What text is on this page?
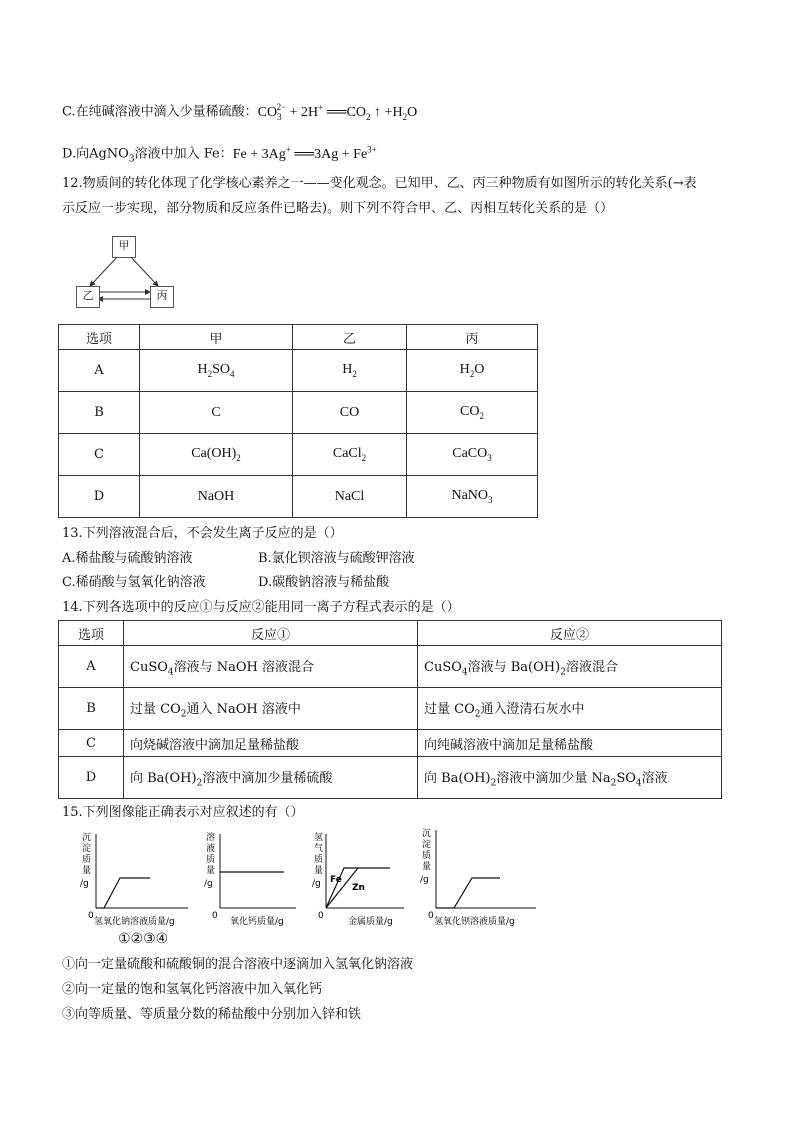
C.在纯碱溶液中滴入少量稀硫酸：$CO_3^{2-} + 2H^+$ $══CO_2$ ↑ $+H_2O$
D.向AgNO$_3$溶液中加入 Fe：Fe + 3Ag+ ══3Ag + $Fe^{3+}$
12.物质间的转化体现了化学核心素养之一——变化观念。已知甲、乙、丙三种物质有如图所示的转化关系(→表
示反应一步实现，部分物质和反应条件已略去)。则下列不符合甲、乙、丙相互转化关系的是（）
甲
乙	丙
选项	甲	乙	丙
A	$H_2SO_4$	$H_2$	$H_2O$
B	C	CO	$CO_2$
C	$Ca(OH)_2$	CaCl$_2$	CaCO$_3$
D	NaOH	NaCl	NaNO$_3$
13.下列溶液混合后，不会发生离子反应的是（）
A.稀盐酸与硫酸钠溶液	B.氯化钡溶液与硫酸钾溶液
C.稀硝酸与氢氧化钠溶液	D.碳酸钠溶液与稀盐酸
14.下列各选项中的反应①与反应②能用同一离子方程式表示的是（）
选项	反应①	反应②
A	CuSO$_4$溶液与 NaOH 溶液混合	CuSO$_4$溶液与 $Ba(OH)_2$溶液混合
B	过量 $CO_2$通入 NaOH 溶液中	过量 $CO_2$通入澄清石灰水中
C	向烧碱溶液中滴加足量稀盐酸	向纯碱溶液中滴加足量稀盐酸
D	向 $Ba(OH)_2$溶液中滴加少量稀硫酸	向 $Ba(OH)_2$溶液中滴加少量 $Na_2SO_4$溶液
15.下列图像能正确表示对应叙述的有（）
沉淀质量/g
0
氢氧化钠溶液质量/g
溶液质量/g
0
氧化钙质量/g
氢气质量/g Fe
Zn
0
金属质量/g
沉淀质量/g
0
氢氧化钡溶液质量/g
①②③④
①向一定量硫酸和硫酸铜的混合溶液中逐滴加入氢氧化钠溶液
②向一定量的饱和氢氧化钙溶液中加入氧化钙
③向等质量、等质量分数的稀盐酸中分别加入锌和铁
